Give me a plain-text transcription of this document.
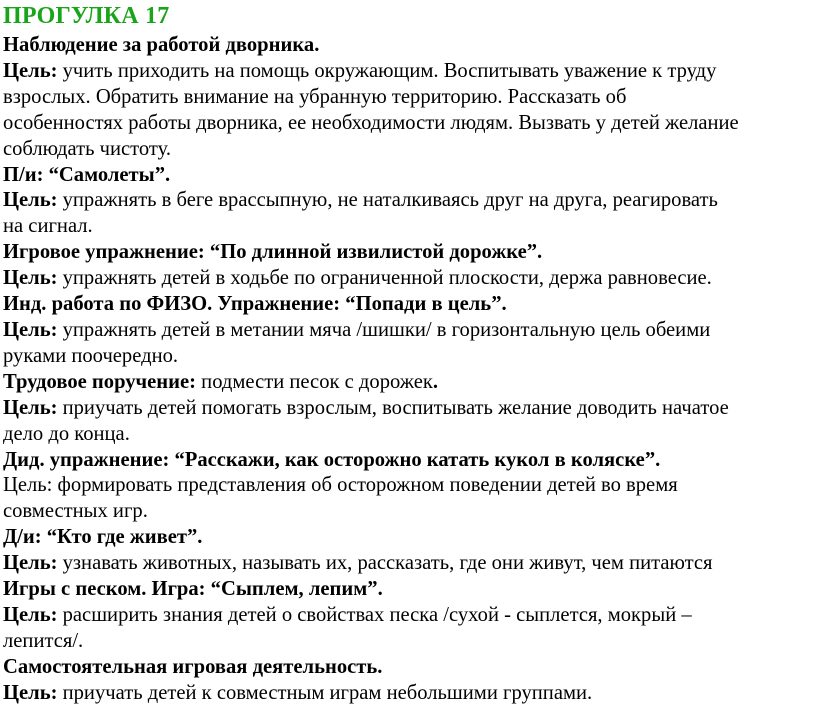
ПРОГУЛКА 17
Наблюдение за работой дворника.
Цель: учить приходить на помощь окружающим. Воспитывать уважение к труду
взрослых. Обратить внимание на убранную территорию. Рассказать об
особенностях работы дворника, ее необходимости людям. Вызвать у детей желание
соблюдать чистоту.
П/и: “Самолеты”.
Цель: упражнять в беге врассыпную, не наталкиваясь друг на друга, реагировать
на сигнал.
Игровое упражнение: “По длинной извилистой дорожке”.
Цель: упражнять детей в ходьбе по ограниченной плоскости, держа равновесие.
Инд. работа по ФИЗО. Упражнение: “Попади в цель”.
Цель: упражнять детей в метании мяча /шишки/ в горизонтальную цель обеими
руками поочередно.
Трудовое поручение: подмести песок с дорожек.
Цель: приучать детей помогать взрослым, воспитывать желание доводить начатое
дело до конца.
Дид. упражнение: “Расскажи, как осторожно катать кукол в коляске”.
Цель: формировать представления об осторожном поведении детей во время
совместных игр.
Д/и: “Кто где живет”.
Цель: узнавать животных, называть их, рассказать, где они живут, чем питаются
Игры с песком. Игра: “Сыплем, лепим”.
Цель: расширить знания детей о свойствах песка /сухой - сыплется, мокрый –
лепится/.
Самостоятельная игровая деятельность.
Цель: приучать детей к совместным играм небольшими группами.
